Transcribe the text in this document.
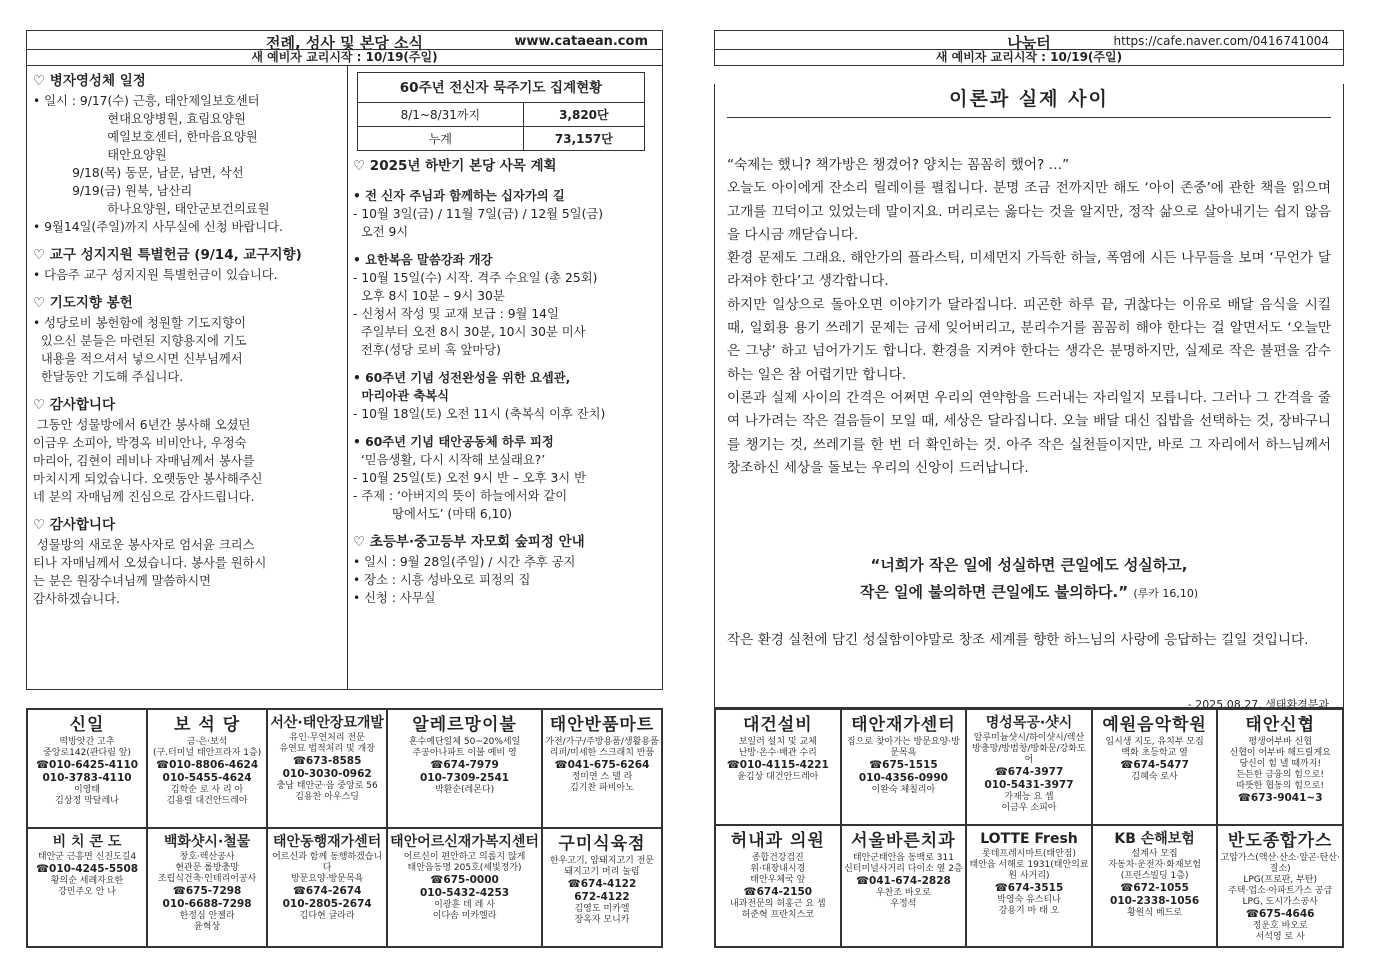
전례, 성사 및 본당 소식	www.cataean.com
새 예비자 교리시작 : 10/19(주일)
♡ 병자영성체 일정
• 일시 : 9/17(수) 근흥, 태안제일보호센터
현대요양병원, 효림요양원
예일보호센터, 한마음요양원
태안요양원
9/18(목) 동문, 남문, 남면, 삭선
9/19(금) 원북, 남산리
하나요양원, 태안군보건의료원
• 9월14일(주일)까지 사무실에 신청 바랍니다.
♡ 교구 성지지원 특별헌금 (9/14, 교구지향)
• 다음주 교구 성지지원 특별헌금이 있습니다.
♡ 기도지향 봉헌
• 성당로비 봉헌함에 청원할 기도지향이
있으신 분들은 마련된 지향용지에 기도
내용을 적으셔서 넣으시면 신부님께서
한달동안 기도해 주십니다.
♡ 감사합니다
그동안 성물방에서 6년간 봉사해 오셨던
이금우 소피아, 박경옥 비비안나, 우정숙
마리아, 김현이 레비나 자매님께서 봉사를
마치시게 되었습니다. 오랫동안 봉사해주신
네 분의 자매님께 진심으로 감사드립니다.
♡ 감사합니다
성물방의 새로운 봉사자로 엄서윤 크리스
티나 자매님께서 오셨습니다. 봉사를 원하시
는 분은 원장수녀님께 말씀하시면
감사하겠습니다.
60주년 전신자 묵주기도 집계현황	
8/1~8/31까지	3,820단
누계	73,157단
♡ 2025년 하반기 본당 사목 계획
• 전 신자 주님과 함께하는 십자가의 길
- 10월 3일(금) / 11월 7일(금) / 12월 5일(금)
오전 9시
• 요한복음 말씀강좌 개강
- 10월 15일(수) 시작. 격주 수요일 (총 25회)
오후 8시 10분 – 9시 30분
- 신청서 작성 및 교재 보급 : 9월 14일
주일부터 오전 8시 30분, 10시 30분 미사
전후(성당 로비 혹 앞마당)
• 60주년 기념 성전완성을 위한 요셉관,
마리아관 축복식
- 10월 18일(토) 오전 11시 (축복식 이후 잔치)
• 60주년 기념 태안공동체 하루 피정
‘믿음생활, 다시 시작해 보실래요?’
- 10월 25일(토) 오전 9시 반 – 오후 3시 반
- 주제 : ‘아버지의 뜻이 하늘에서와 같이
땅에서도’ (마태 6,10)
♡ 초등부·중고등부 자모회 숲피정 안내
• 일시 : 9월 28일(주일) / 시간 추후 공지
• 장소 : 시흥 성바오로 피정의 집
• 신청 : 사무실
나눔터	https://cafe.naver.com/0416741004
새 예비자 교리시작 : 10/19(주일)
이론과 실제 사이

“숙제는 했니? 책가방은 챙겼어? 양치는 꼼꼼히 했어? …”

오늘도 아이에게 잔소리 릴레이를 펼칩니다. 분명 조금 전까지만 해도 ‘아이 존중’에 관한 책을 읽으며 고개를 끄덕이고 있었는데 말이지요. 머리로는 옳다는 것을 알지만, 정작 삶으로 살아내기는 쉽지 않음을 다시금 깨닫습니다.

환경 문제도 그래요. 해안가의 플라스틱, 미세먼지 가득한 하늘, 폭염에 시든 나무들을 보며 ‘무언가 달라져야 한다’고 생각합니다.

하지만 일상으로 돌아오면 이야기가 달라집니다. 피곤한 하루 끝, 귀찮다는 이유로 배달 음식을 시킬 때, 일회용 용기 쓰레기 문제는 금세 잊어버리고, 분리수거를 꼼꼼히 해야 한다는 걸 알면서도 ‘오늘만은 그냥’ 하고 넘어가기도 합니다. 환경을 지켜야 한다는 생각은 분명하지만, 실제로 작은 불편을 감수하는 일은 참 어렵기만 합니다.

이론과 실제 사이의 간격은 어쩌면 우리의 연약함을 드러내는 자리일지 모릅니다. 그러나 그 간격을 줄여 나가려는 작은 걸음들이 모일 때, 세상은 달라집니다. 오늘 배달 대신 집밥을 선택하는 것, 장바구니를 챙기는 것, 쓰레기를 한 번 더 확인하는 것. 아주 작은 실천들이지만, 바로 그 자리에서 하느님께서 창조하신 세상을 돌보는 우리의 신앙이 드러납니다.

“너희가 작은 일에 성실하면 큰일에도 성실하고,
작은 일에 불의하면 큰일에도 불의하다.” (루카 16,10)
작은 환경 실천에 담긴 성실함이야말로 창조 세계를 향한 하느님의 사랑에 응답하는 길일 것입니다.
- 2025.08.27. 생태환경분과
신일
떡방앗간 고추
중앙로142(판다림 앞)
☎010-6425-4110
010-3783-4110
이영태
김상정 막달레나
보 석 당
금·은·보석
(구.터미널 태안프라자 1층)
☎010-8806-4624
010-5455-4624
김학순 로 사 리 아
김용렬 대건안드레아
서산·태안장묘개발
유인·무연처리 전문
유연묘 법적처리 및 개장
☎673-8585
010-3030-0962
충남 태안군·읍 중앙로 56
김용찬 아우스딩
알레르망이불
혼수예단일체 50~20%세일
주공아나파트 이불 예비 영
☎674-7979
010-7309-2541
박환순(레몬다)
태안반품마트
가전/가구/주방용품/생활용품
리퍼/미세한 스크래치 반품
☎041-675-6264
정미연 스 텔 라
김기찬 파비아노
비 치 콘 도
태안군 근흥면 신진도길4
☎010-4245-5508
황의순 세례자요한
강민주오 안 나
백화샷시·철물
창호·렉산공사
현관문 롤방충망
조립식건축·인테리어공사
☎675-7298
010-6688-7298
한정심 안젤라
윤혁상
태안동행재가센터
어르신과 함께 동행하겠습니다
방문요양·방문목욕
☎674-2674
010-2805-2674
김다현 글라라
태안어르신재가복지센터
어르신이 편안하고 의롭지 않게
태안읍동명 205호(세빛정가)
☎675-0000
010-5432-4253
이광훈 데 레 사
이다솜 미카엘라
구미식육점
한우고기, 암돼지고기 전문
돼지고기 머리 눌림
☎674-4122
672-4122
김영도 미카엘
장옥자 모니카
대건설비
보일러 설치 및 교체
난방·온수·배관 수리
☎010-4115-4221
윤김상 대건안드레아
태안재가센터
집으로 찾아가는 방문요양·방문목욕
☎675-1515
010-4356-0990
이완숙 체칠리아
명성목공·샷시
알루미늄샷시/하이샷시/렉산
방충망/방범창/방화문/강화도어
☎674-3977
010-5431-3977
가재능 요 셉
이금우 소피아
예원음악학원
입시생 지도, 유치부 모집
백화 초등학교 옆
☎674-5477
김혜숙 로사
태안신협
평생어부바 신협
신협이 어부바 해드릴게요
당신이 힘 낼 때까지!
든든한 금융의 힘으로!
따뜻한 협동의 힘으로!
☎673-9041~3
허내과 의원
종합건강검진
위·대장내시경
태안우체국 앞
☎674-2150
내과전문의 허홍근 요 셉
허준혁 프란치스코
서울바른치과
태안군태안읍 동백로 311
신터미널사거리 다이소 옆 2층
☎041-674-2828
우찬조 바오로
우정석
LOTTE Fresh
롯데프레시마트(태안점)
태안읍 서해로 1931(태안의료원 사거리)
☎674-3515
박영숙 유스티나
강용기 마 태 오
KB 손해보험
설계사 모집
자동차·운전자·화재보험
(프린스빌딩 1층)
☎672-1055
010-2338-1056
황원식 베드로
반도종합가스
고압가스(액산·산소·알곤·탄산·질소)
LPG(프로판, 부탄)
주택·업소·아파트가스 공급
LPG, 도시가스공사
☎675-4646
정운호 바오로
서석영 로 사
